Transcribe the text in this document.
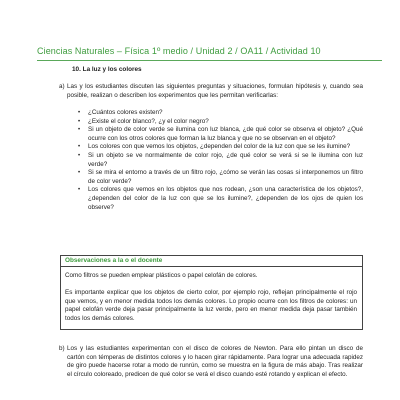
Ciencias Naturales – Física 1º medio / Unidad 2 / OA11 / Actividad 10
10. La luz y los colores
a) Las y los estudiantes discuten las siguientes preguntas y situaciones, formulan hipótesis y, cuando sea posible, realizan o describen los experimentos que les permitan verificarlas:
•	¿Cuántos colores existen?
•	¿Existe el color blanco?, ¿y el color negro?
•	Si un objeto de color verde se ilumina con luz blanca, ¿de qué color se observa el objeto? ¿Qué ocurre con los otros colores que forman la luz blanca y que no se observan en el objeto?
•	Los colores con que vemos los objetos, ¿dependen del color de la luz con que se les ilumine?
•	Si un objeto se ve normalmente de color rojo, ¿de qué color se verá si se le ilumina con luz verde?
•	Si se mira el entorno a través de un filtro rojo, ¿cómo se verán las cosas si interponemos un filtro de color verde?
•	Los colores que vemos en los objetos que nos rodean, ¿son una característica de los objetos?, ¿dependen del color de la luz con que se los ilumine?, ¿dependen de los ojos de quien los observe?
Observaciones a la o el docente
Como filtros se pueden emplear plásticos o papel celofán de colores.
Es importante explicar que los objetos de cierto color, por ejemplo rojo, reflejan principalmente el rojo que vemos, y en menor medida todos los demás colores. Lo propio ocurre con los filtros de colores: un papel celofán verde deja pasar principalmente la luz verde, pero en menor medida deja pasar también todos los demás colores.
b) Los y las estudiantes experimentan con el disco de colores de Newton. Para ello pintan un disco de cartón con témperas de distintos colores y lo hacen girar rápidamente. Para lograr una adecuada rapidez de giro puede hacerse rotar a modo de runrún, como se muestra en la figura de más abajo. Tras realizar el círculo coloreado, predicen de qué color se verá el disco cuando esté rotando y explican el efecto.
